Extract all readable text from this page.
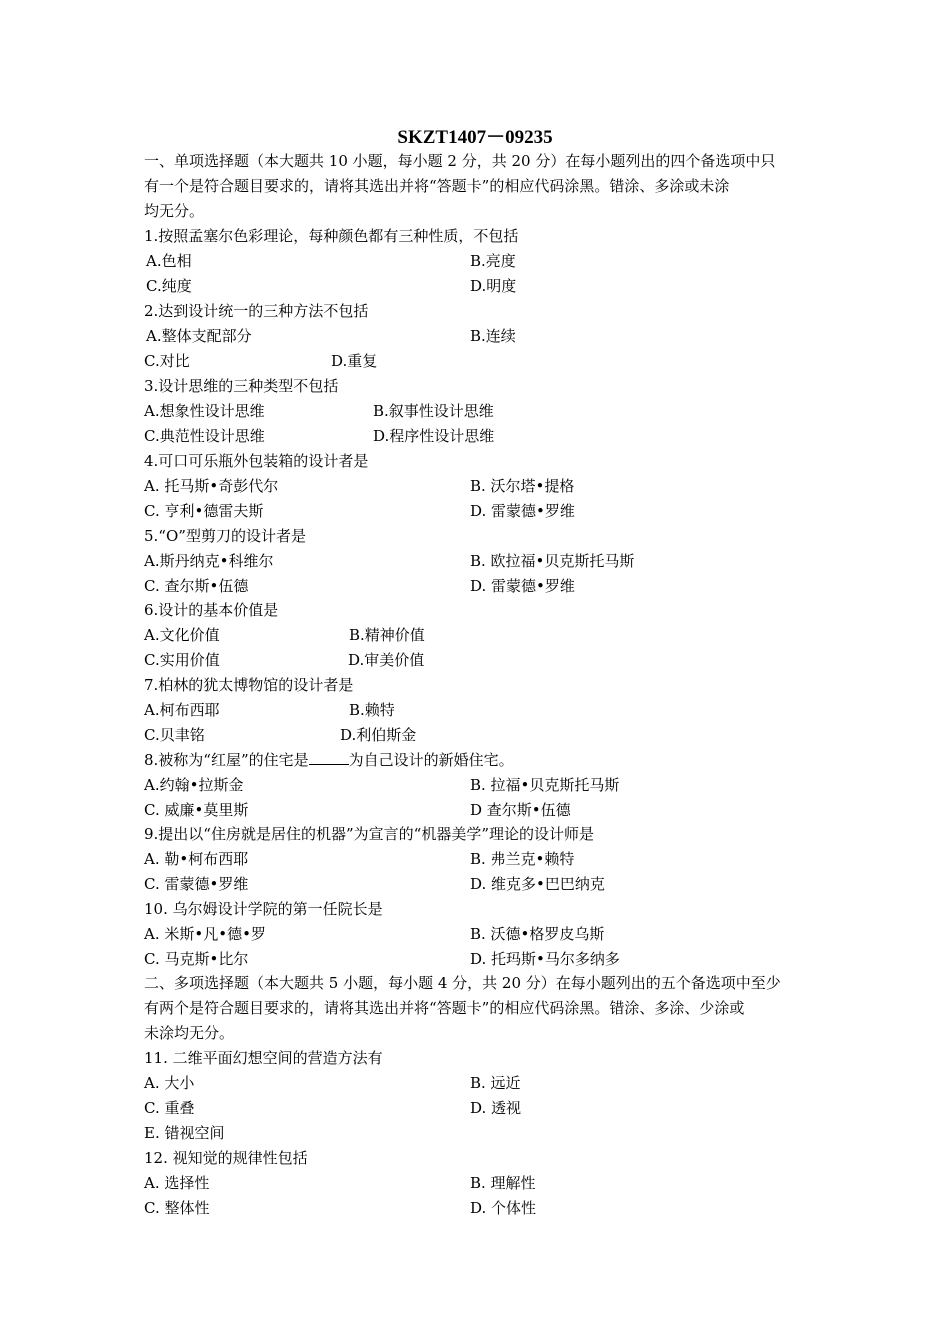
SKZT1407－09235
一、单项选择题（本大题共 10 小题，每小题 2 分，共 20 分）在每小题列出的四个备选项中只
有一个是符合题目要求的，请将其选出并将“答题卡”的相应代码涂黑。错涂、多涂或未涂
均无分。
1.按照孟塞尔色彩理论，每种颜色都有三种性质，不包括
A.色相	B.亮度
C.纯度	D.明度
2.达到设计统一的三种方法不包括
A.整体支配部分	B.连续
C.对比	D.重复
3.设计思维的三种类型不包括
A.想象性设计思维	B.叙事性设计思维
C.典范性设计思维	D.程序性设计思维
4.可口可乐瓶外包装箱的设计者是
A. 托马斯•奇彭代尔	B. 沃尔塔•提格
C. 亨利•德雷夫斯	D. 雷蒙德•罗维
5.“O”型剪刀的设计者是
A.斯丹纳克•科维尔	B. 欧拉福•贝克斯托马斯
C. 查尔斯•伍德	D. 雷蒙德•罗维
6.设计的基本价值是
A.文化价值	B.精神价值
C.实用价值	D.审美价值
7.柏林的犹太博物馆的设计者是
A.柯布西耶	B.赖特
C.贝聿铭	D.利伯斯金
8.被称为“红屋”的住宅是	为自己设计的新婚住宅。
A.约翰•拉斯金	B. 拉福•贝克斯托马斯
C. 威廉•莫里斯	D 查尔斯•伍德
9.提出以“住房就是居住的机器”为宣言的“机器美学”理论的设计师是
A. 勒•柯布西耶	B. 弗兰克•赖特
C. 雷蒙德•罗维	D. 维克多•巴巴纳克
10. 乌尔姆设计学院的第一任院长是
A. 米斯•凡•德•罗	B. 沃德•格罗皮乌斯
C. 马克斯•比尔	D. 托玛斯•马尔多纳多
二、多项选择题（本大题共 5 小题，每小题 4 分，共 20 分）在每小题列出的五个备选项中至少
有两个是符合题目要求的，请将其选出并将“答题卡”的相应代码涂黑。错涂、多涂、少涂或
未涂均无分。
11. 二维平面幻想空间的营造方法有
A. 大小	B. 远近
C. 重叠	D. 透视
E. 错视空间
12. 视知觉的规律性包括
A. 选择性	B. 理解性
C. 整体性	D. 个体性
